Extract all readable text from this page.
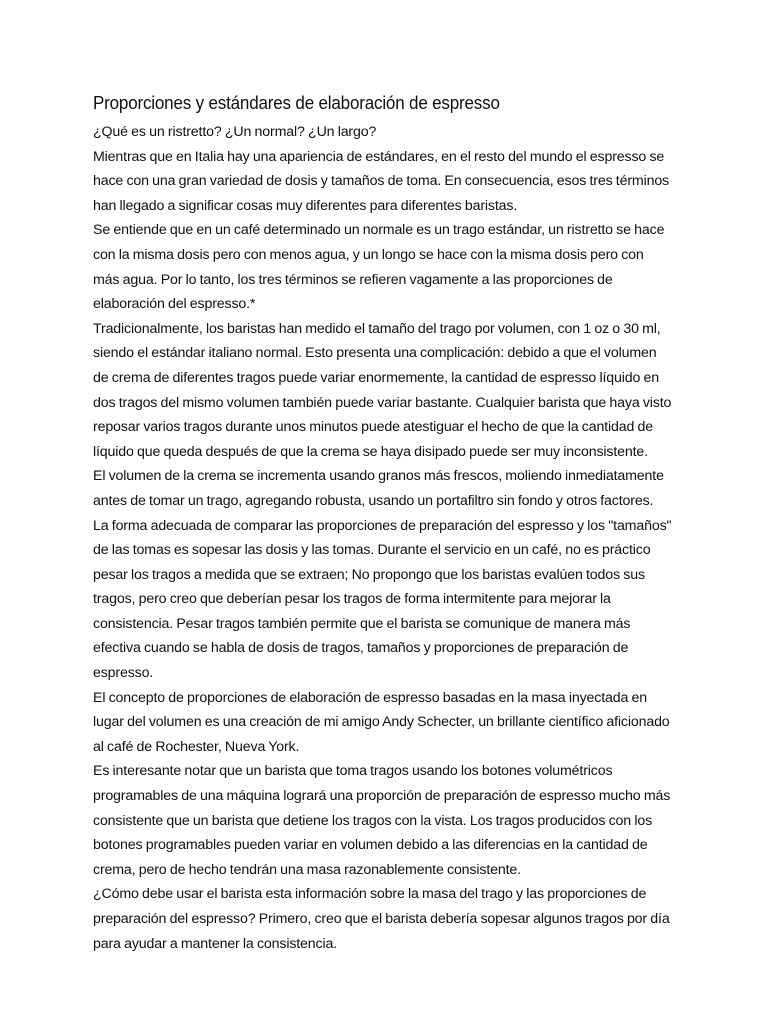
Proporciones y estándares de elaboración de espresso

¿Qué es un ristretto? ¿Un normal? ¿Un largo?

Mientras que en Italia hay una apariencia de estándares, en el resto del mundo el espresso se hace con una gran variedad de dosis y tamaños de toma. En consecuencia, esos tres términos han llegado a significar cosas muy diferentes para diferentes baristas.

Se entiende que en un café determinado un normale es un trago estándar, un ristretto se hace con la misma dosis pero con menos agua, y un longo se hace con la misma dosis pero con más agua. Por lo tanto, los tres términos se refieren vagamente a las proporciones de elaboración del espresso.*

Tradicionalmente, los baristas han medido el tamaño del trago por volumen, con 1 oz o 30 ml, siendo el estándar italiano normal. Esto presenta una complicación: debido a que el volumen de crema de diferentes tragos puede variar enormemente, la cantidad de espresso líquido en dos tragos del mismo volumen también puede variar bastante. Cualquier barista que haya visto reposar varios tragos durante unos minutos puede atestiguar el hecho de que la cantidad de líquido que queda después de que la crema se haya disipado puede ser muy inconsistente.

El volumen de la crema se incrementa usando granos más frescos, moliendo inmediatamente antes de tomar un trago, agregando robusta, usando un portafiltro sin fondo y otros factores.

La forma adecuada de comparar las proporciones de preparación del espresso y los "tamaños" de las tomas es sopesar las dosis y las tomas. Durante el servicio en un café, no es práctico pesar los tragos a medida que se extraen; No propongo que los baristas evalúen todos sus tragos, pero creo que deberían pesar los tragos de forma intermitente para mejorar la consistencia. Pesar tragos también permite que el barista se comunique de manera más efectiva cuando se habla de dosis de tragos, tamaños y proporciones de preparación de espresso.

El concepto de proporciones de elaboración de espresso basadas en la masa inyectada en lugar del volumen es una creación de mi amigo Andy Schecter, un brillante científico aficionado al café de Rochester, Nueva York.

Es interesante notar que un barista que toma tragos usando los botones volumétricos programables de una máquina logrará una proporción de preparación de espresso mucho más consistente que un barista que detiene los tragos con la vista. Los tragos producidos con los botones programables pueden variar en volumen debido a las diferencias en la cantidad de crema, pero de hecho tendrán una masa razonablemente consistente.

¿Cómo debe usar el barista esta información sobre la masa del trago y las proporciones de preparación del espresso? Primero, creo que el barista debería sopesar algunos tragos por día para ayudar a mantener la consistencia.
